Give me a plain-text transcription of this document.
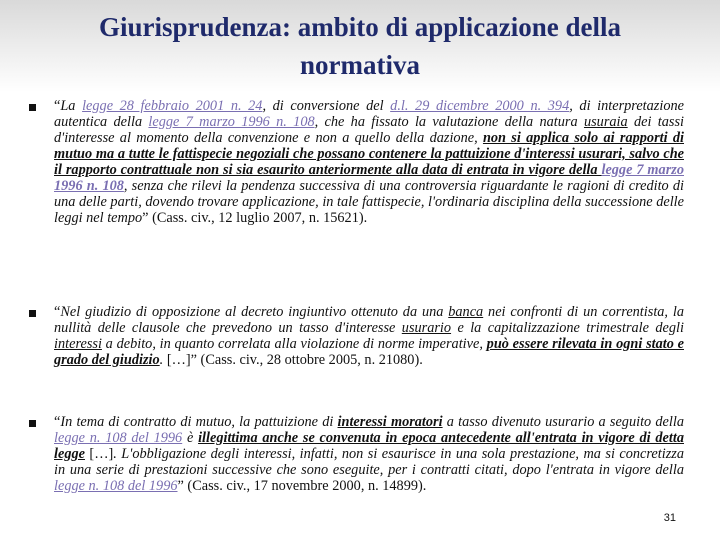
Giurisprudenza: ambito di applicazione della
normativa
“La legge 28 febbraio 2001 n. 24, di conversione del d.l. 29 dicembre 2000 n. 394, di interpretazione autentica della legge 7 marzo 1996 n. 108, che ha fissato la valutazione della natura usuraia dei tassi d'interesse al momento della convenzione e non a quello della dazione, non si applica solo ai rapporti di mutuo ma a tutte le fattispecie negoziali che possano contenere la pattuizione d'interessi usurari, salvo che il rapporto contrattuale non si sia esaurito anteriormente alla data di entrata in vigore della legge 7 marzo 1996 n. 108, senza che rilevi la pendenza successiva di una controversia riguardante le ragioni di credito di una delle parti, dovendo trovare applicazione, in tale fattispecie, l'ordinaria disciplina della successione delle leggi nel tempo” (Cass. civ., 12 luglio 2007, n. 15621).
“Nel giudizio di opposizione al decreto ingiuntivo ottenuto da una banca nei confronti di un correntista, la nullità delle clausole che prevedono un tasso d'interesse usurario e la capitalizzazione trimestrale degli interessi a debito, in quanto correlata alla violazione di norme imperative, può essere rilevata in ogni stato e grado del giudizio. […]” (Cass. civ., 28 ottobre 2005, n. 21080).
“In tema di contratto di mutuo, la pattuizione di interessi moratori a tasso divenuto usurario a seguito della legge n. 108 del 1996 è illegittima anche se convenuta in epoca antecedente all'entrata in vigore di detta legge […]. L'obbligazione degli interessi, infatti, non si esaurisce in una sola prestazione, ma si concretizza in una serie di prestazioni successive che sono eseguite, per i contratti citati, dopo l'entrata in vigore della legge n. 108 del 1996” (Cass. civ., 17 novembre 2000, n. 14899).
31
